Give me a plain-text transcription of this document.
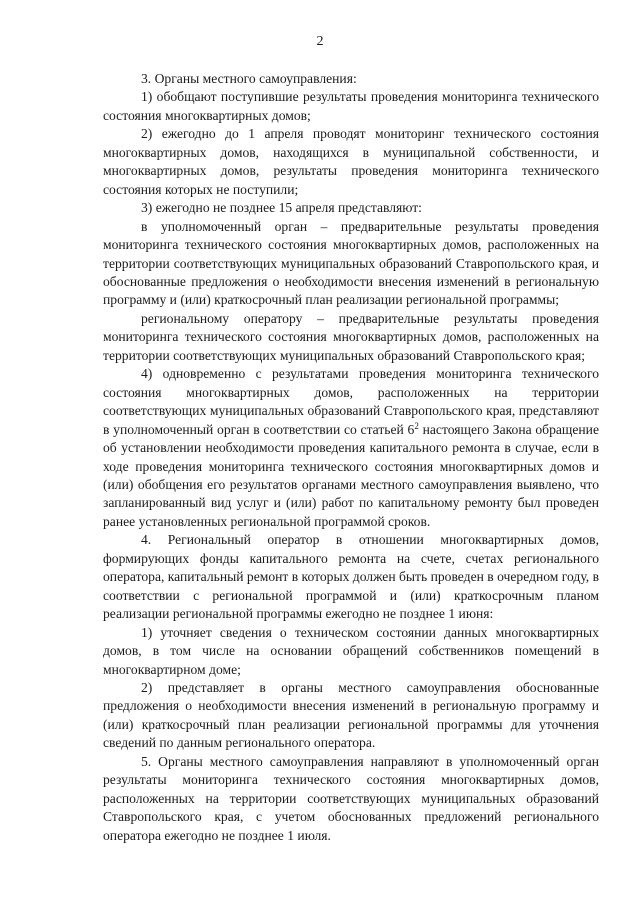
2

3. Органы местного самоуправления:

1) обобщают поступившие результаты проведения мониторинга технического состояния многоквартирных домов;

2) ежегодно до 1 апреля проводят мониторинг технического состояния многоквартирных домов, находящихся в муниципальной собственности, и многоквартирных домов, результаты проведения мониторинга технического состояния которых не поступили;

3) ежегодно не позднее 15 апреля представляют:

в уполномоченный орган – предварительные результаты проведения мониторинга технического состояния многоквартирных домов, расположенных на территории соответствующих муниципальных образований Ставропольского края, и обоснованные предложения о необходимости внесения изменений в региональную программу и (или) краткосрочный план реализации региональной программы;

региональному оператору – предварительные результаты проведения мониторинга технического состояния многоквартирных домов, расположенных на территории соответствующих муниципальных образований Ставропольского края;

4) одновременно с результатами проведения мониторинга технического состояния многоквартирных домов, расположенных на территории соответствующих муниципальных образований Ставропольского края, представляют в уполномоченный орган в соответствии со статьей $6^2$ настоящего Закона обращение об установлении необходимости проведения капитального ремонта в случае, если в ходе проведения мониторинга технического состояния многоквартирных домов и (или) обобщения его результатов органами местного самоуправления выявлено, что запланированный вид услуг и (или) работ по капитальному ремонту был проведен ранее установленных региональной программой сроков.

4. Региональный оператор в отношении многоквартирных домов, формирующих фонды капитального ремонта на счете, счетах регионального оператора, капитальный ремонт в которых должен быть проведен в очередном году, в соответствии с региональной программой и (или) краткосрочным планом реализации региональной программы ежегодно не позднее 1 июня:

1) уточняет сведения о техническом состоянии данных многоквартирных домов, в том числе на основании обращений собственников помещений в многоквартирном доме;

2) представляет в органы местного самоуправления обоснованные предложения о необходимости внесения изменений в региональную программу и (или) краткосрочный план реализации региональной программы для уточнения сведений по данным регионального оператора.

5. Органы местного самоуправления направляют в уполномоченный орган результаты мониторинга технического состояния многоквартирных домов, расположенных на территории соответствующих муниципальных образований Ставропольского края, с учетом обоснованных предложений регионального оператора ежегодно не позднее 1 июля.
